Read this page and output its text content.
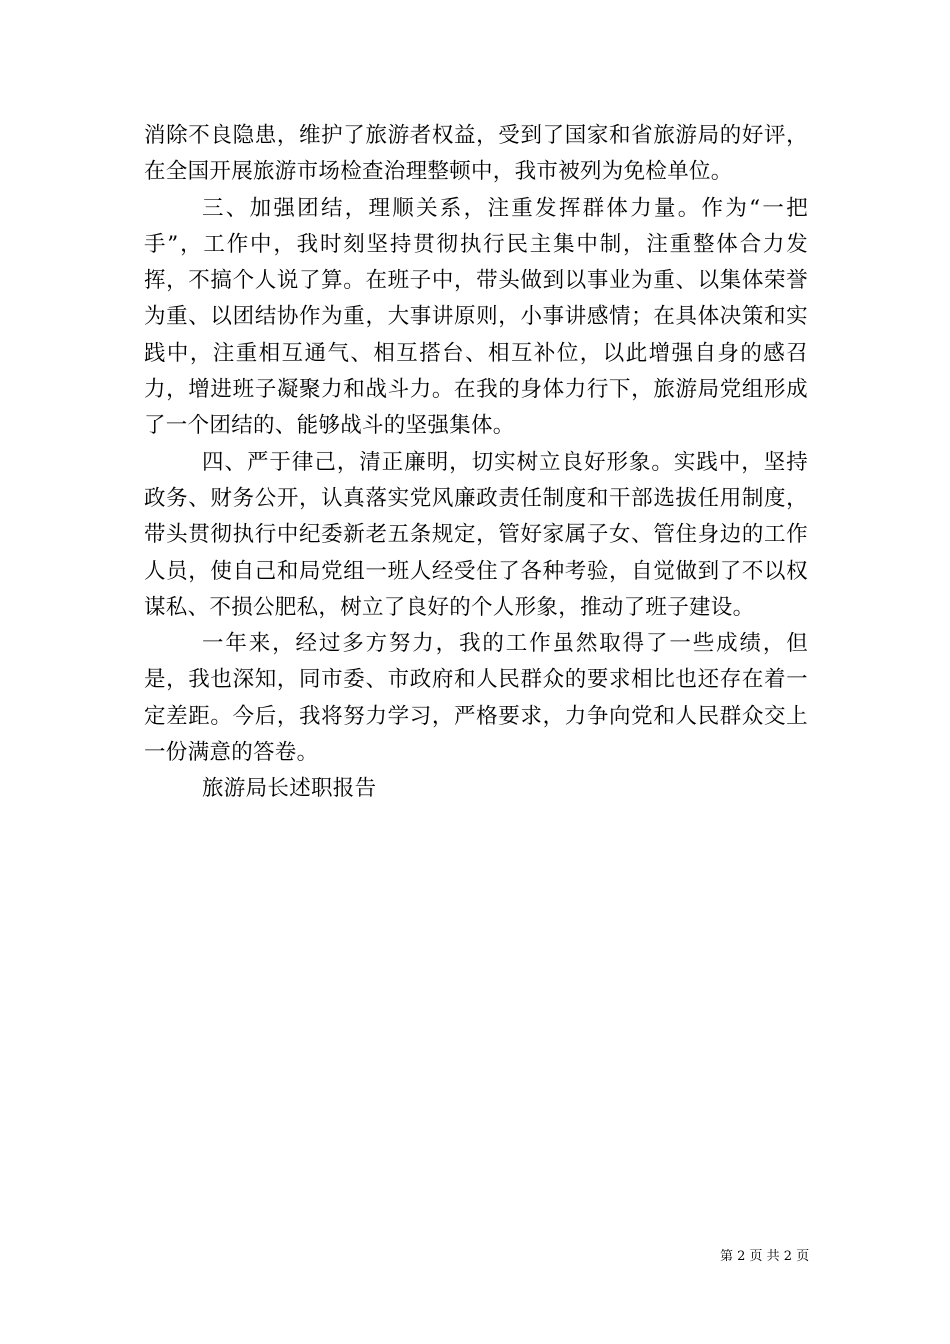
消除不良隐患，维护了旅游者权益，受到了国家和省旅游局的好评，在全国开展旅游市场检查治理整顿中，我市被列为免检单位。

三、加强团结，理顺关系，注重发挥群体力量。作为“一把手”，工作中，我时刻坚持贯彻执行民主集中制，注重整体合力发挥，不搞个人说了算。在班子中，带头做到以事业为重、以集体荣誉为重、以团结协作为重，大事讲原则，小事讲感情；在具体决策和实践中，注重相互通气、相互搭台、相互补位，以此增强自身的感召力，增进班子凝聚力和战斗力。在我的身体力行下，旅游局党组形成了一个团结的、能够战斗的坚强集体。

四、严于律己，清正廉明，切实树立良好形象。实践中，坚持政务、财务公开，认真落实党风廉政责任制度和干部选拔任用制度，带头贯彻执行中纪委新老五条规定，管好家属子女、管住身边的工作人员，使自己和局党组一班人经受住了各种考验，自觉做到了不以权谋私、不损公肥私，树立了良好的个人形象，推动了班子建设。

一年来，经过多方努力，我的工作虽然取得了一些成绩，但是，我也深知，同市委、市政府和人民群众的要求相比也还存在着一定差距。今后，我将努力学习，严格要求，力争向党和人民群众交上一份满意的答卷。

旅游局长述职报告

第 2 页 共 2 页
